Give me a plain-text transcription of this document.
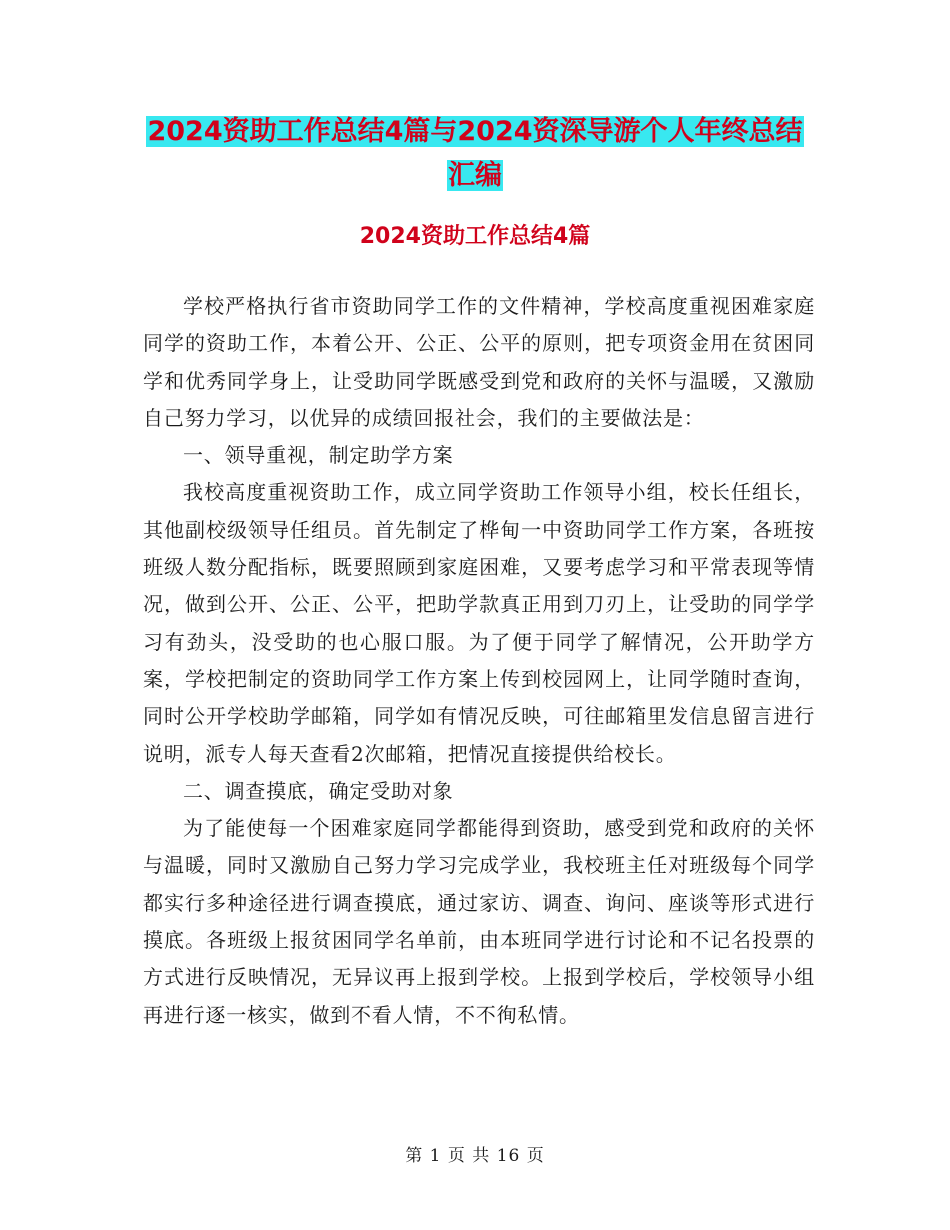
2024资助工作总结4篇与2024资深导游个人年终总结
汇编
2024资助工作总结4篇

学校严格执行省市资助同学工作的文件精神，学校高度重视困难家庭同学的资助工作，本着公开、公正、公平的原则，把专项资金用在贫困同学和优秀同学身上，让受助同学既感受到党和政府的关怀与温暖，又激励自己努力学习，以优异的成绩回报社会，我们的主要做法是：

一、领导重视，制定助学方案

我校高度重视资助工作，成立同学资助工作领导小组，校长任组长，其他副校级领导任组员。首先制定了桦甸一中资助同学工作方案，各班按班级人数分配指标，既要照顾到家庭困难，又要考虑学习和平常表现等情况，做到公开、公正、公平，把助学款真正用到刀刃上，让受助的同学学习有劲头，没受助的也心服口服。为了便于同学了解情况，公开助学方案，学校把制定的资助同学工作方案上传到校园网上，让同学随时查询，同时公开学校助学邮箱，同学如有情况反映，可往邮箱里发信息留言进行说明，派专人每天查看2次邮箱，把情况直接提供给校长。

二、调查摸底，确定受助对象

为了能使每一个困难家庭同学都能得到资助，感受到党和政府的关怀与温暖，同时又激励自己努力学习完成学业，我校班主任对班级每个同学都实行多种途径进行调查摸底，通过家访、调查、询问、座谈等形式进行摸底。各班级上报贫困同学名单前，由本班同学进行讨论和不记名投票的方式进行反映情况，无异议再上报到学校。上报到学校后，学校领导小组再进行逐一核实，做到不看人情，不不徇私情。

第 1 页 共 16 页
